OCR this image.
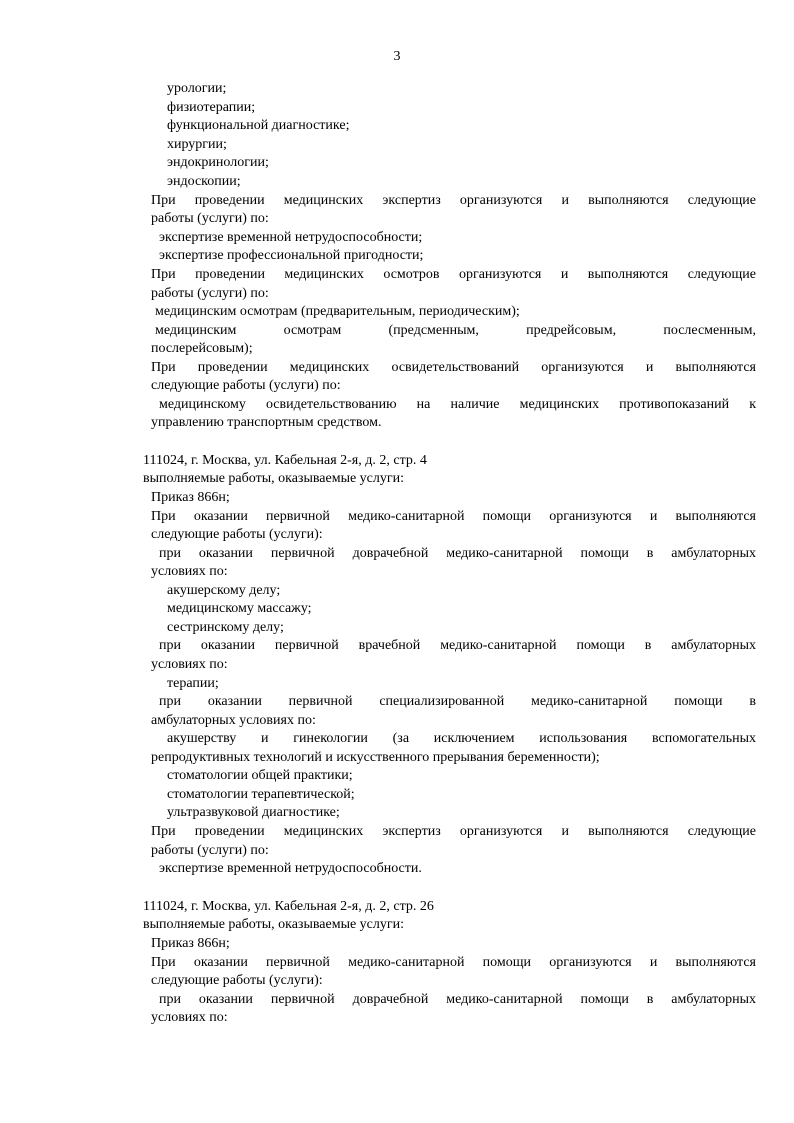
3
урологии;
физиотерапии;
функциональной диагностике;
хирургии;
эндокринологии;
эндоскопии;
При проведении медицинских экспертиз организуются и выполняются следующие
работы (услуги) по:
экспертизе временной нетрудоспособности;
экспертизе профессиональной пригодности;
При проведении медицинских осмотров организуются и выполняются следующие
работы (услуги) по:
медицинским осмотрам (предварительным, периодическим);
медицинским осмотрам (предсменным, предрейсовым, послесменным,
послерейсовым);
При проведении медицинских освидетельствований организуются и выполняются
следующие работы (услуги) по:
медицинскому освидетельствованию на наличие медицинских противопоказаний к
управлению транспортным средством.
111024, г. Москва, ул. Кабельная 2-я, д. 2, стр. 4
выполняемые работы, оказываемые услуги:
Приказ 866н;
При оказании первичной медико-санитарной помощи организуются и выполняются
следующие работы (услуги):
при оказании первичной доврачебной медико-санитарной помощи в амбулаторных
условиях по:
акушерскому делу;
медицинскому массажу;
сестринскому делу;
при оказании первичной врачебной медико-санитарной помощи в амбулаторных
условиях по:
терапии;
при оказании первичной специализированной медико-санитарной помощи в
амбулаторных условиях по:
акушерству и гинекологии (за исключением использования вспомогательных
репродуктивных технологий и искусственного прерывания беременности);
стоматологии общей практики;
стоматологии терапевтической;
ультразвуковой диагностике;
При проведении медицинских экспертиз организуются и выполняются следующие
работы (услуги) по:
экспертизе временной нетрудоспособности.
111024, г. Москва, ул. Кабельная 2-я, д. 2, стр. 26
выполняемые работы, оказываемые услуги:
Приказ 866н;
При оказании первичной медико-санитарной помощи организуются и выполняются
следующие работы (услуги):
при оказании первичной доврачебной медико-санитарной помощи в амбулаторных
условиях по:
